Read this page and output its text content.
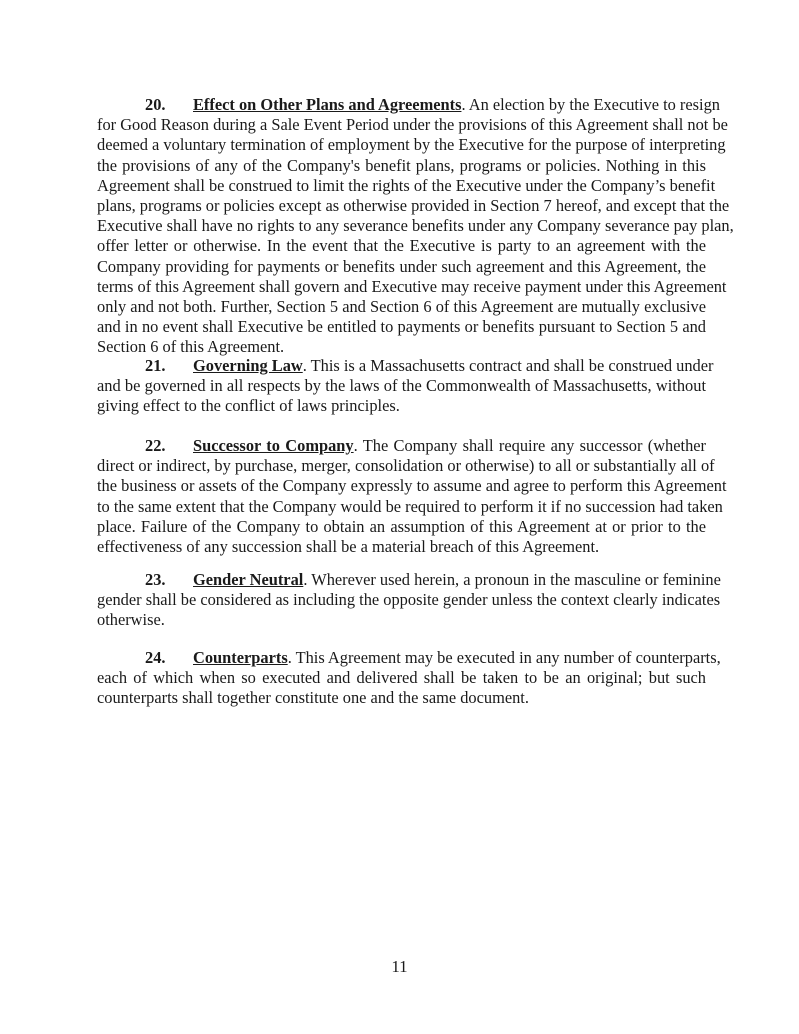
20. Effect on Other Plans and Agreements. An election by the Executive to resign
for Good Reason during a Sale Event Period under the provisions of this Agreement shall not be
deemed a voluntary termination of employment by the Executive for the purpose of interpreting
the provisions of any of the Company's benefit plans, programs or policies. Nothing in this
Agreement shall be construed to limit the rights of the Executive under the Company’s benefit
plans, programs or policies except as otherwise provided in Section 7 hereof, and except that the
Executive shall have no rights to any severance benefits under any Company severance pay plan,
offer letter or otherwise. In the event that the Executive is party to an agreement with the
Company providing for payments or benefits under such agreement and this Agreement, the
terms of this Agreement shall govern and Executive may receive payment under this Agreement
only and not both. Further, Section 5 and Section 6 of this Agreement are mutually exclusive
and in no event shall Executive be entitled to payments or benefits pursuant to Section 5 and
Section 6 of this Agreement.
21. Governing Law. This is a Massachusetts contract and shall be construed under
and be governed in all respects by the laws of the Commonwealth of Massachusetts, without
giving effect to the conflict of laws principles.
22. Successor to Company. The Company shall require any successor (whether
direct or indirect, by purchase, merger, consolidation or otherwise) to all or substantially all of
the business or assets of the Company expressly to assume and agree to perform this Agreement
to the same extent that the Company would be required to perform it if no succession had taken
place. Failure of the Company to obtain an assumption of this Agreement at or prior to the
effectiveness of any succession shall be a material breach of this Agreement.
23. Gender Neutral. Wherever used herein, a pronoun in the masculine or feminine
gender shall be considered as including the opposite gender unless the context clearly indicates
otherwise.
24. Counterparts. This Agreement may be executed in any number of counterparts,
each of which when so executed and delivered shall be taken to be an original; but such
counterparts shall together constitute one and the same document.
11
